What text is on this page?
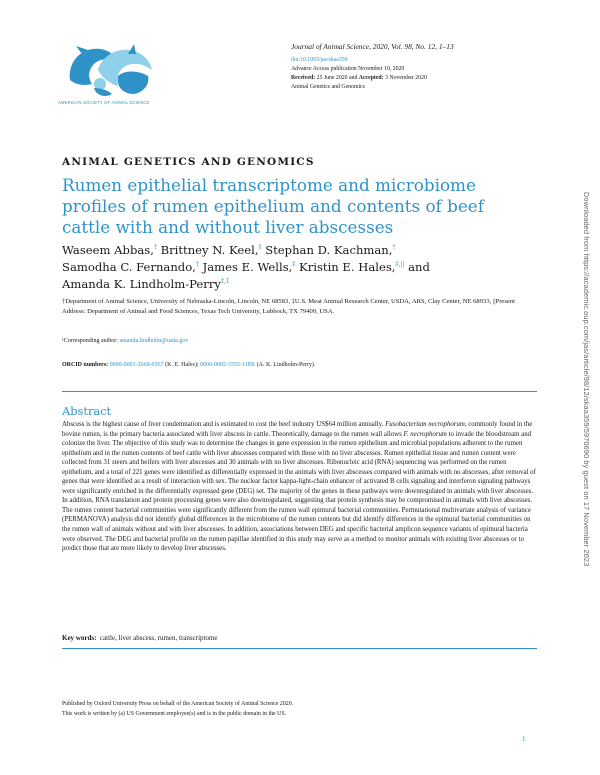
AMERICAN SOCIETY OF ANIMAL SCIENCE
Journal of Animal Science, 2020, Vol. 98, No. 12, 1–13
doi:10.1093/jas/skaa359
Advance Access publication November 10, 2020
Received: 25 June 2020 and Accepted: 3 November 2020
Animal Genetics and Genomics
ANIMAL GENETICS AND GENOMICS
Rumen epithelial transcriptome and microbiome profiles of rumen epithelium and contents of beef cattle with and without liver abscesses
Waseem Abbas,† Brittney N. Keel,‡ Stephan D. Kachman,†
Samodha C. Fernando,† James E. Wells,‡ Kristin E. Hales,‡,|| and
Amanda K. Lindholm-Perry$^{\ddagger,1}$
†Department of Animal Science, University of Nebraska-Lincoln, Lincoln, NE 68583, ‡U.S. Meat Animal Research Center, USDA, ARS, Clay Center, NE 68933, ||Present Address: Department of Animal and Food Sciences, Texas Tech University, Lubbock, TX 79409, USA.
¹Corresponding author: amanda.lindholm@usda.gov
ORCID numbers: 0000-0001-2669-0567 (K. E. Hales); 0000-0002-5555-118X (A. K. Lindholm-Perry).
Abstract
Abscess is the highest cause of liver condemnation and is estimated to cost the beef industry US$64 million annually. Fusobacterium necrophorum, commonly found in the bovine rumen, is the primary bacteria associated with liver abscess in cattle. Theoretically, damage to the rumen wall allows F. necrophorum to invade the bloodstream and colonize the liver. The objective of this study was to determine the changes in gene expression in the rumen epithelium and microbial populations adherent to the rumen epithelium and in the rumen contents of beef cattle with liver abscesses compared with those with no liver abscesses. Rumen epithelial tissue and rumen content were collected from 31 steers and heifers with liver abscesses and 30 animals with no liver abscesses. Ribonucleic acid (RNA) sequencing was performed on the rumen epithelium, and a total of 221 genes were identified as differentially expressed in the animals with liver abscesses compared with animals with no abscesses, after removal of genes that were identified as a result of interaction with sex. The nuclear factor kappa-light-chain enhancer of activated B cells signaling and interferon signaling pathways were significantly enriched in the differentially expressed gene (DEG) set. The majority of the genes in these pathways were downregulated in animals with liver abscesses. In addition, RNA translation and protein processing genes were also downregulated, suggesting that protein synthesis may be compromised in animals with liver abscesses. The rumen content bacterial communities were significantly different from the rumen wall epimural bacterial communities. Permutational multivariate analysis of variance (PERMANOVA) analysis did not identify global differences in the microbiome of the rumen contents but did identify differences in the epimural bacterial communities on the rumen wall of animals without and with liver abscesses. In addition, associations between DEG and specific bacterial amplicon sequence variants of epimural bacteria were observed. The DEG and bacterial profile on the rumen papillae identified in this study may serve as a method to monitor animals with existing liver abscesses or to predict those that are more likely to develop liver abscesses.
Key words: cattle, liver abscess, rumen, transcriptome
Published by Oxford University Press on behalf of the American Society of Animal Science 2020.
This work is written by (a) US Government employee(s) and is in the public domain in the US.
1
Downloaded from https://academic.oup.com/jas/article/98/12/skaa359/5970690 by guest on 17 November 2023
